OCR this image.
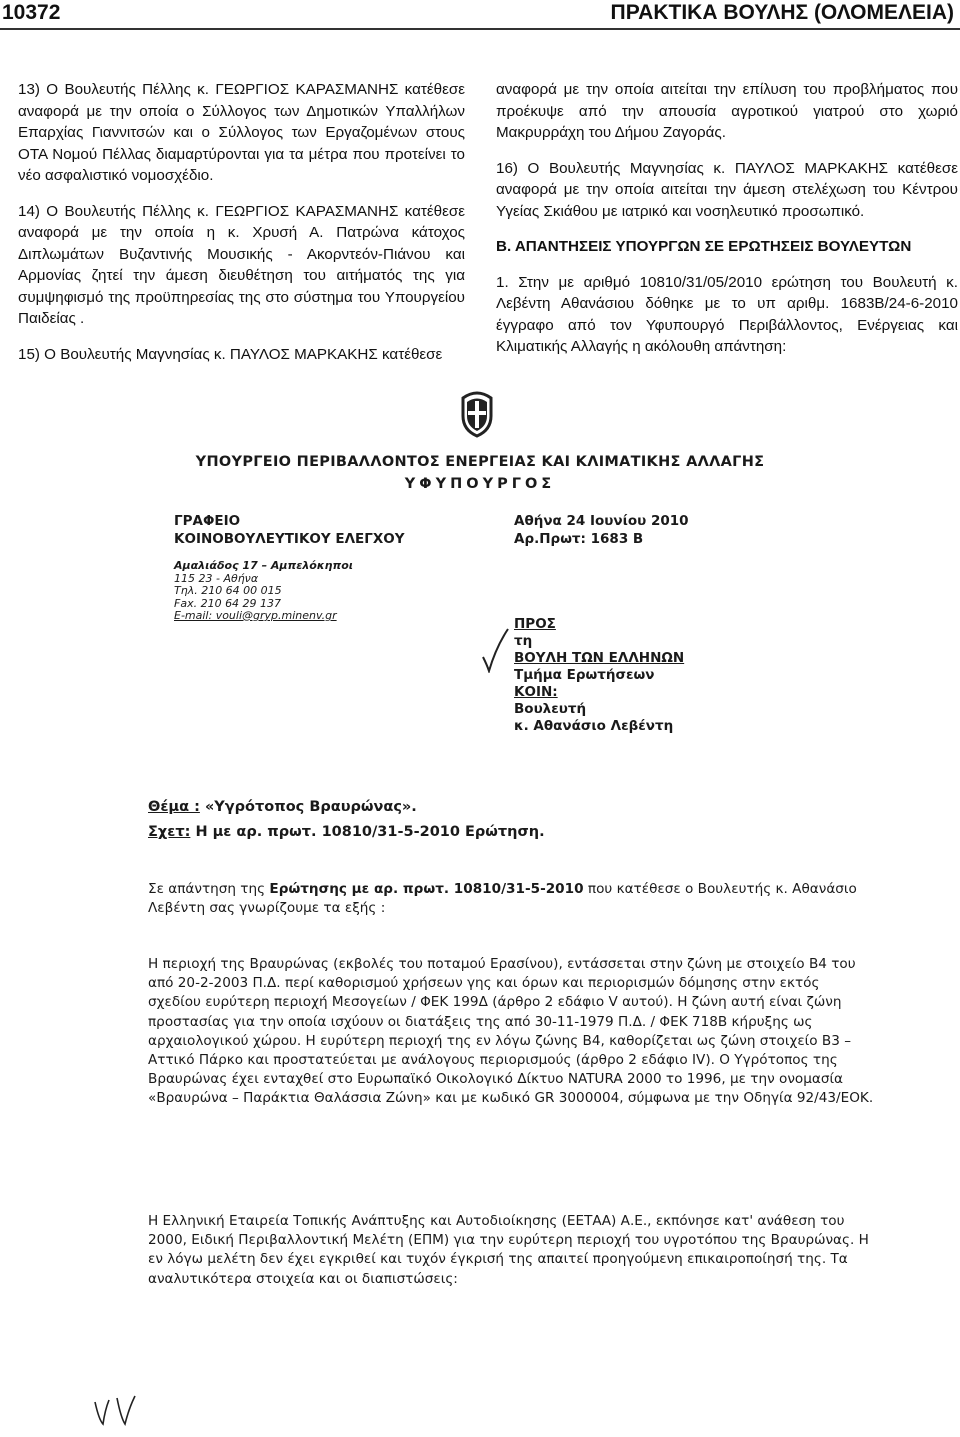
10372	ΠΡΑΚΤΙΚΑ ΒΟΥΛΗΣ (ΟΛΟΜΕΛΕΙΑ)

13) Ο Βουλευτής Πέλλης κ. ΓΕΩΡΓΙΟΣ ΚΑΡΑΣΜΑΝΗΣ κατέθεσε αναφορά με την οποία ο Σύλλογος των Δημοτικών Υπαλλήλων Επαρχίας Γιαννιτσών και ο Σύλλογος των Εργαζομένων στους ΟΤΑ Νομού Πέλλας διαμαρτύρονται για τα μέτρα που προτείνει το νέο ασφαλιστικό νομοσχέδιο.

14) Ο Βουλευτής Πέλλης κ. ΓΕΩΡΓΙΟΣ ΚΑΡΑΣΜΑΝΗΣ κατέθεσε αναφορά με την οποία η κ. Χρυσή Α. Πατρώνα κάτοχος Διπλωμάτων Βυζαντινής Μουσικής - Ακορντεόν-Πιάνου και Αρμονίας ζητεί την άμεση διευθέτηση του αιτήματός της για συμψηφισμό της προϋπηρεσίας της στο σύστημα του Υπουργείου Παιδείας .

15) Ο Βουλευτής Μαγνησίας κ. ΠΑΥΛΟΣ ΜΑΡΚΑΚΗΣ κατέθεσε

αναφορά με την οποία αιτείται την επίλυση του προβλήματος που προέκυψε από την απουσία αγροτικού γιατρού στο χωριό Μακρυρράχη του Δήμου Ζαγοράς.

16) Ο Βουλευτής Μαγνησίας κ. ΠΑΥΛΟΣ ΜΑΡΚΑΚΗΣ κατέθεσε αναφορά με την οποία αιτείται την άμεση στελέχωση του Κέντρου Υγείας Σκιάθου με ιατρικό και νοσηλευτικό προσωπικό.

Β. ΑΠΑΝΤΗΣΕΙΣ ΥΠΟΥΡΓΩΝ ΣΕ ΕΡΩΤΗΣΕΙΣ ΒΟΥΛΕΥΤΩΝ

1. Στην με αριθμό 10810/31/05/2010 ερώτηση του Βουλευτή κ. Λεβέντη Αθανάσιου δόθηκε με το υπ αριθμ. 1683Β/24-6-2010 έγγραφο από τον Υφυπουργό Περιβάλλοντος, Ενέργειας και Κλιματικής Αλλαγής η ακόλουθη απάντηση:

ΥΠΟΥΡΓΕΙΟ ΠΕΡΙΒΑΛΛΟΝΤΟΣ ΕΝΕΡΓΕΙΑΣ ΚΑΙ ΚΛΙΜΑΤΙΚΗΣ ΑΛΛΑΓΗΣ
ΥΦΥΠΟΥΡΓΟΣ
ΓΡΑΦΕΙΟ
ΚΟΙΝΟΒΟΥΛΕΥΤΙΚΟΥ ΕΛΕΓΧΟΥ
Αθήνα 24 Ιουνίου 2010
Αρ.Πρωτ: 1683 Β
Αμαλιάδος 17 – Αμπελόκηποι
115 23 - Αθήνα
Τηλ. 210 64 00 015
Fax. 210 64 29 137
E-mail: vouli@gryp.minenv.gr
ΠΡΟΣ
τη
ΒΟΥΛΗ ΤΩΝ ΕΛΛΗΝΩΝ
Τμήμα Ερωτήσεων
ΚΟΙΝ:
Βουλευτή
κ. Αθανάσιο Λεβέντη
Θέμα : «Υγρότοπος Βραυρώνας».
Σχετ: Η με αρ. πρωτ. 10810/31-5-2010 Ερώτηση.
Σε απάντηση της Ερώτησης με αρ. πρωτ. 10810/31-5-2010 που κατέθεσε ο Βουλευτής κ. Αθανάσιο Λεβέντη σας γνωρίζουμε τα εξής :
Η περιοχή της Βραυρώνας (εκβολές του ποταμού Ερασίνου), εντάσσεται στην ζώνη με στοιχείο Β4 του από 20-2-2003 Π.Δ. περί καθορισμού χρήσεων γης και όρων και περιορισμών δόμησης στην εκτός σχεδίου ευρύτερη περιοχή Μεσογείων / ΦΕΚ 199Δ (άρθρο 2 εδάφιο V αυτού). Η ζώνη αυτή είναι ζώνη προστασίας για την οποία ισχύουν οι διατάξεις της από 30-11-1979 Π.Δ. / ΦΕΚ 718Β κήρυξης ως αρχαιολογικού χώρου. Η ευρύτερη περιοχή της εν λόγω ζώνης Β4, καθορίζεται ως ζώνη στοιχείο Β3 – Αττικό Πάρκο και προστατεύεται με ανάλογους περιορισμούς (άρθρο 2 εδάφιο IV). Ο Υγρότοπος της Βραυρώνας έχει ενταχθεί στο Ευρωπαϊκό Οικολογικό Δίκτυο NATURA 2000 το 1996, με την ονομασία «Βραυρώνα – Παράκτια Θαλάσσια Ζώνη» και με κωδικό GR 3000004, σύμφωνα με την Οδηγία 92/43/ΕΟΚ.
Η Ελληνική Εταιρεία Τοπικής Ανάπτυξης και Αυτοδιοίκησης (ΕΕΤΑΑ) Α.Ε., εκπόνησε κατ' ανάθεση του 2000, Ειδική Περιβαλλοντική Μελέτη (ΕΠΜ) για την ευρύτερη περιοχή του υγροτόπου της Βραυρώνας. Η εν λόγω μελέτη δεν έχει εγκριθεί και τυχόν έγκρισή της απαιτεί προηγούμενη επικαιροποίησή της. Τα αναλυτικότερα στοιχεία και οι διαπιστώσεις:
